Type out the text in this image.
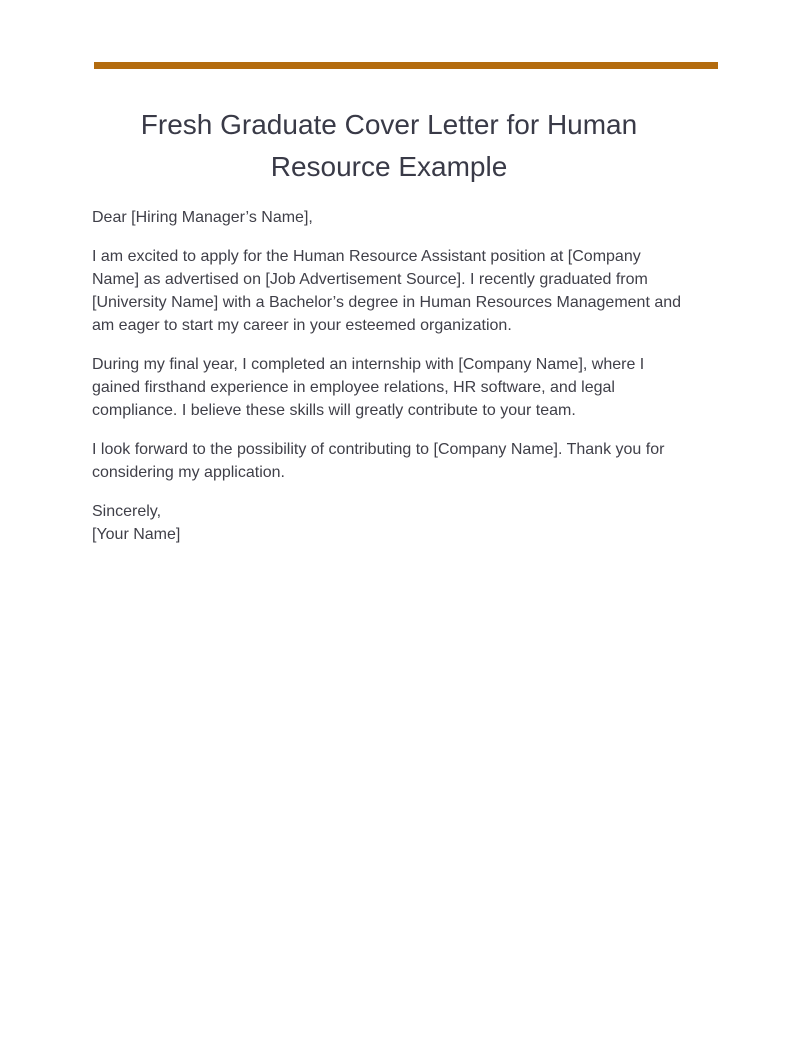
Fresh Graduate Cover Letter for Human Resource Example

Dear [Hiring Manager’s Name],

I am excited to apply for the Human Resource Assistant position at [Company Name] as advertised on [Job Advertisement Source]. I recently graduated from [University Name] with a Bachelor’s degree in Human Resources Management and am eager to start my career in your esteemed organization.

During my final year, I completed an internship with [Company Name], where I gained firsthand experience in employee relations, HR software, and legal compliance. I believe these skills will greatly contribute to your team.

I look forward to the possibility of contributing to [Company Name]. Thank you for considering my application.

Sincerely,
[Your Name]
